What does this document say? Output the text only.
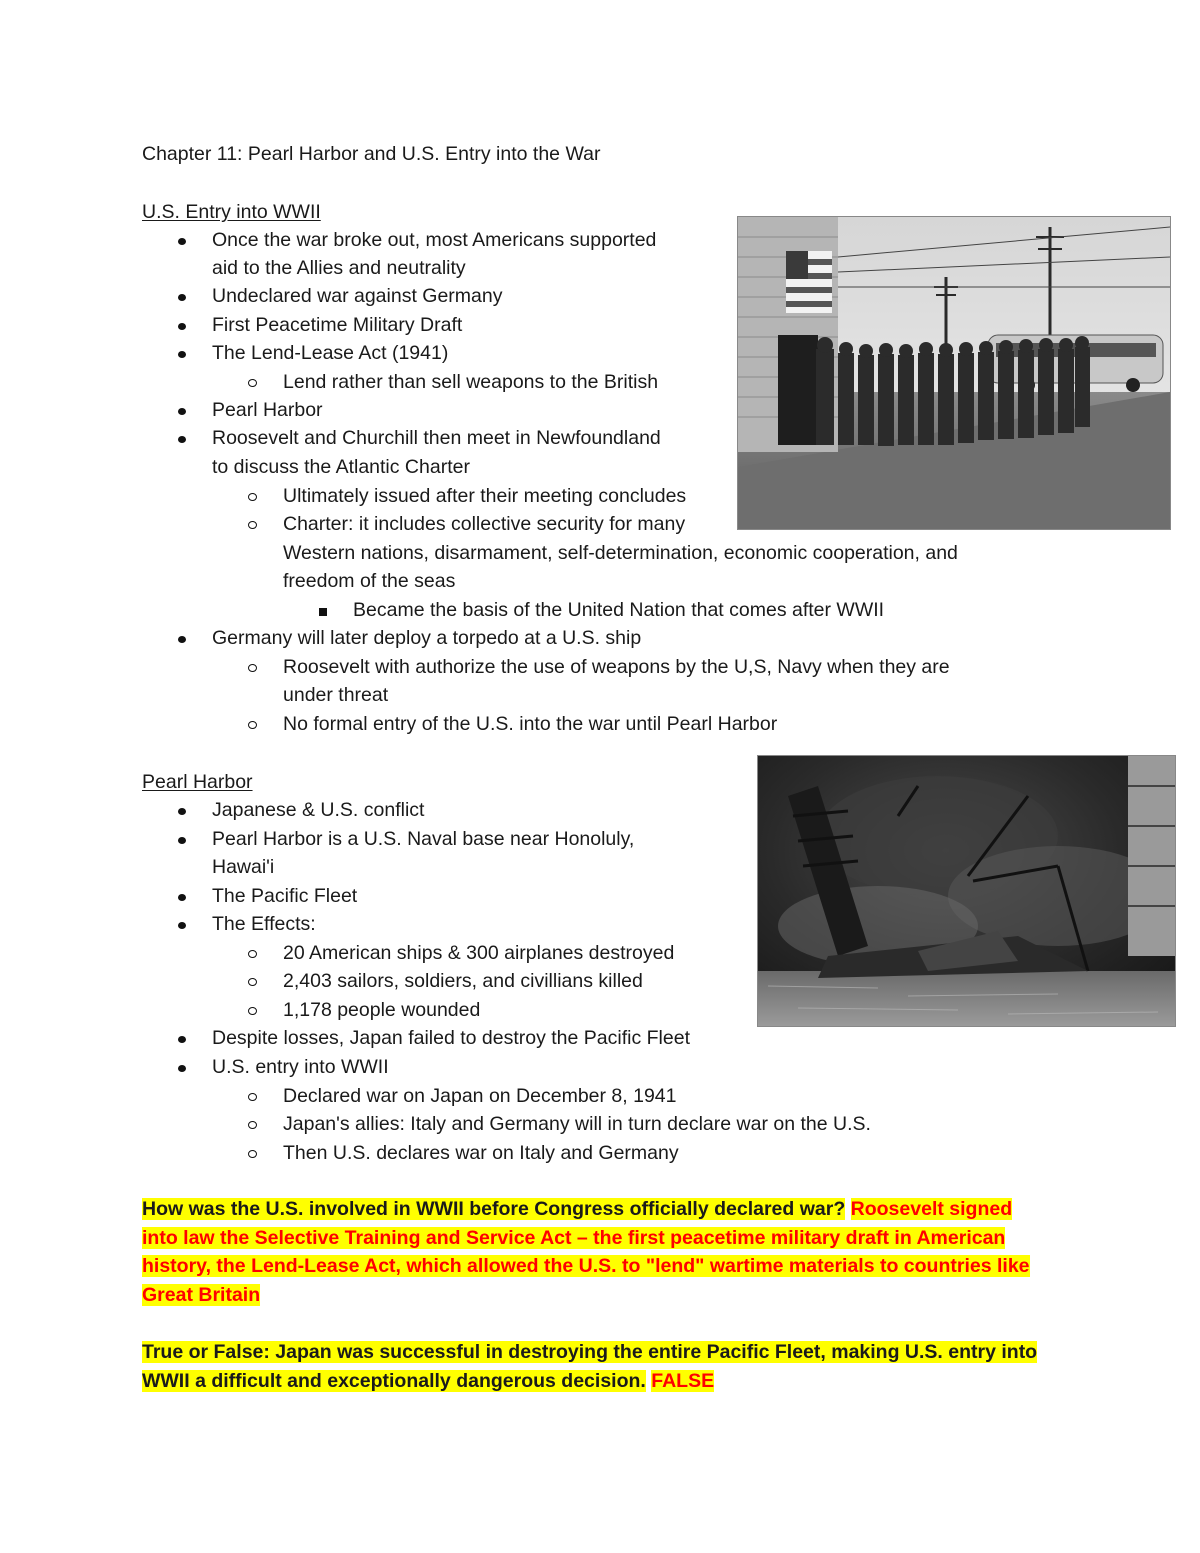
Chapter 11: Pearl Harbor and U.S. Entry into the War
U.S. Entry into WWII
Once the war broke out, most Americans supported
aid to the Allies and neutrality
Undeclared war against Germany
First Peacetime Military Draft
The Lend-Lease Act (1941)
Lend rather than sell weapons to the British
Pearl Harbor
Roosevelt and Churchill then meet in Newfoundland
to discuss the Atlantic Charter
Ultimately issued after their meeting concludes
Charter: it includes collective security for many
Western nations, disarmament, self-determination, economic cooperation, and
freedom of the seas
Became the basis of the United Nation that comes after WWII
Germany will later deploy a torpedo at a U.S. ship
Roosevelt with authorize the use of weapons by the U,S, Navy when they are
under threat
No formal entry of the U.S. into the war until Pearl Harbor
Pearl Harbor
Japanese & U.S. conflict
Pearl Harbor is a U.S. Naval base near Honoluly,
Hawai'i
The Pacific Fleet
The Effects:
20 American ships & 300 airplanes destroyed
2,403 sailors, soldiers, and civillians killed
1,178 people wounded
Despite losses, Japan failed to destroy the Pacific Fleet
U.S. entry into WWII
Declared war on Japan on December 8, 1941
Japan's allies: Italy and Germany will in turn declare war on the U.S.
Then U.S. declares war on Italy and Germany
How was the U.S. involved in WWII before Congress officially declared war? Roosevelt signed into law the Selective Training and Service Act – the first peacetime military draft in American history, the Lend-Lease Act, which allowed the U.S. to "lend" wartime materials to countries like Great Britain
True or False: Japan was successful in destroying the entire Pacific Fleet, making U.S. entry into WWII a difficult and exceptionally dangerous decision. FALSE
